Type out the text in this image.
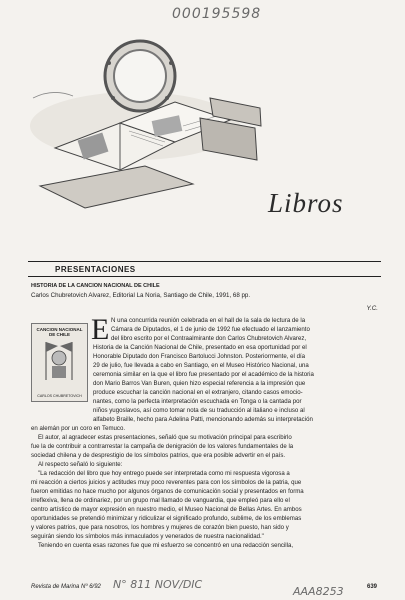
000195598
Libros
PRESENTACIONES
HISTORIA DE LA CANCION NACIONAL DE CHILE
Carlos Chubretovich Alvarez, Editorial La Noria, Santiago de Chile, 1991, 68 pp.
Y.C.
CANCION NACIONAL DE CHILE
CARLOS CHUBRETOVICH
E N una concurrida reunión celebrada en el hall de la sala de lectura de la
Cámara de Diputados, el 1 de junio de 1992 fue efectuado el lanzamiento
del libro escrito por el Contraalmirante don Carlos Chubretovich Alvarez,
Historia de la Canción Nacional de Chile, presentado en esa oportunidad por el
Honorable Diputado don Francisco Bartolucci Johnston. Posteriormente, el día
29 de julio, fue llevada a cabo en Santiago, en el Museo Histórico Nacional, una
ceremonia similar en la que el libro fue presentado por el académico de la historia
don Mario Barros Van Buren, quien hizo especial referencia a la impresión que
produce escuchar la canción nacional en el extranjero, citando casos emocio-
nantes, como la perfecta interpretación escuchada en Tonga o la cantada por
niños yugoslavos, así como tomar nota de su traducción al italiano e incluso al
alfabeto Braille, hecho para Adelina Patti, mencionando además su interpretación
en alemán por un coro en Temuco.
El autor, al agradecer estas presentaciones, señaló que su motivación principal para escribirlo
fue la de contribuir a contrarrestar la campaña de denigración de los valores fundamentales de la
sociedad chilena y de desprestigio de los símbolos patrios, que era posible advertir en el país.
Al respecto señaló lo siguiente:
"La redacción del libro que hoy entrego puede ser interpretada como mi respuesta vigorosa a
mi reacción a ciertos juicios y actitudes muy poco reverentes para con los símbolos de la patria, que
fueron emitidas no hace mucho por algunos órganos de comunicación social y presentados en forma
irreflexiva, llena de ordinariez, por un grupo mal llamado de vanguardia, que empleó para ello el
centro artístico de mayor expresión en nuestro medio, el Museo Nacional de Bellas Artes. En ambos
oportunidades se pretendió minimizar y ridiculizar el significado profundo, sublime, de los emblemas
y valores patrios, que para nosotros, los hombres y mujeres de corazón bien puesto, han sido y
seguirán siendo los símbolos más inmaculados y venerados de nuestra nacionalidad."
Teniendo en cuenta esas razones fue que mi esfuerzo se concentró en una redacción sencilla,
Revista de Marina Nº 6/92 N° 811 NOV/DIC
AAA8253	639
